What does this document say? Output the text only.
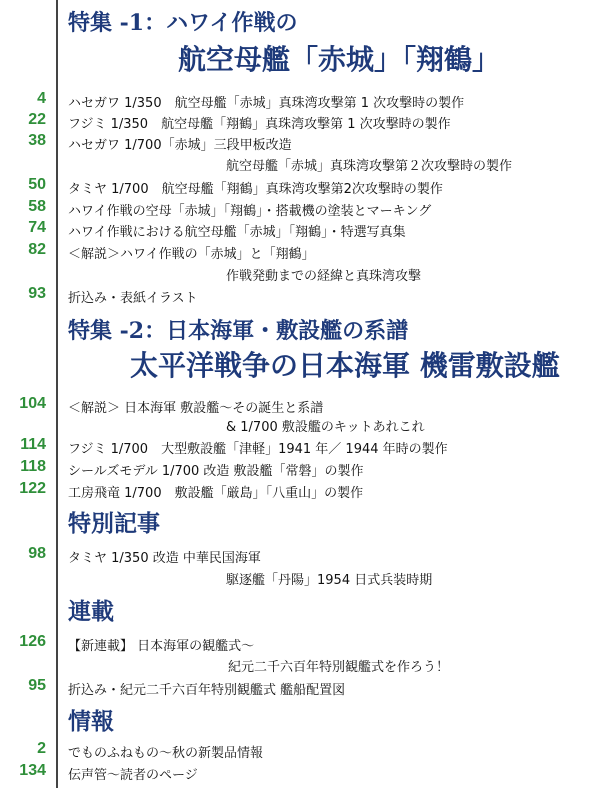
特集 -1：ハワイ作戦の
航空母艦「赤城」「翔鶴」
4 ハセガワ 1/350　航空母艦「赤城」真珠湾攻撃第 1 次攻撃時の製作
22 フジミ 1/350　航空母艦「翔鶴」真珠湾攻撃第 1 次攻撃時の製作
38 ハセガワ 1/700「赤城」三段甲板改造
航空母艦「赤城」真珠湾攻撃第２次攻撃時の製作
50 タミヤ 1/700　航空母艦「翔鶴」真珠湾攻撃第2次攻撃時の製作
58 ハワイ作戦の空母「赤城」「翔鶴」・搭載機の塗装とマーキング
74 ハワイ作戦における航空母艦「赤城」「翔鶴」・特選写真集
82 ＜解説＞ハワイ作戦の「赤城」と「翔鶴」
作戦発動までの経緯と真珠湾攻撃
93 折込み・表紙イラスト
特集 -2：日本海軍・敷設艦の系譜
太平洋戦争の日本海軍 機雷敷設艦
104 ＜解説＞ 日本海軍 敷設艦～その誕生と系譜
& 1/700 敷設艦のキットあれこれ
114 フジミ 1/700　大型敷設艦「津軽」1941 年／ 1944 年時の製作
118 シールズモデル 1/700 改造 敷設艦「常磐」の製作
122 工房飛竜 1/700　敷設艦「厳島」「八重山」の製作
特別記事
98 タミヤ 1/350 改造 中華民国海軍
駆逐艦「丹陽」1954 日式兵装時期
連載
126 【新連載】 日本海軍の観艦式～
紀元二千六百年特別観艦式を作ろう！
95 折込み・紀元二千六百年特別観艦式 艦船配置図
情報
2 でものふねもの～秋の新製品情報
134 伝声管～読者のページ
